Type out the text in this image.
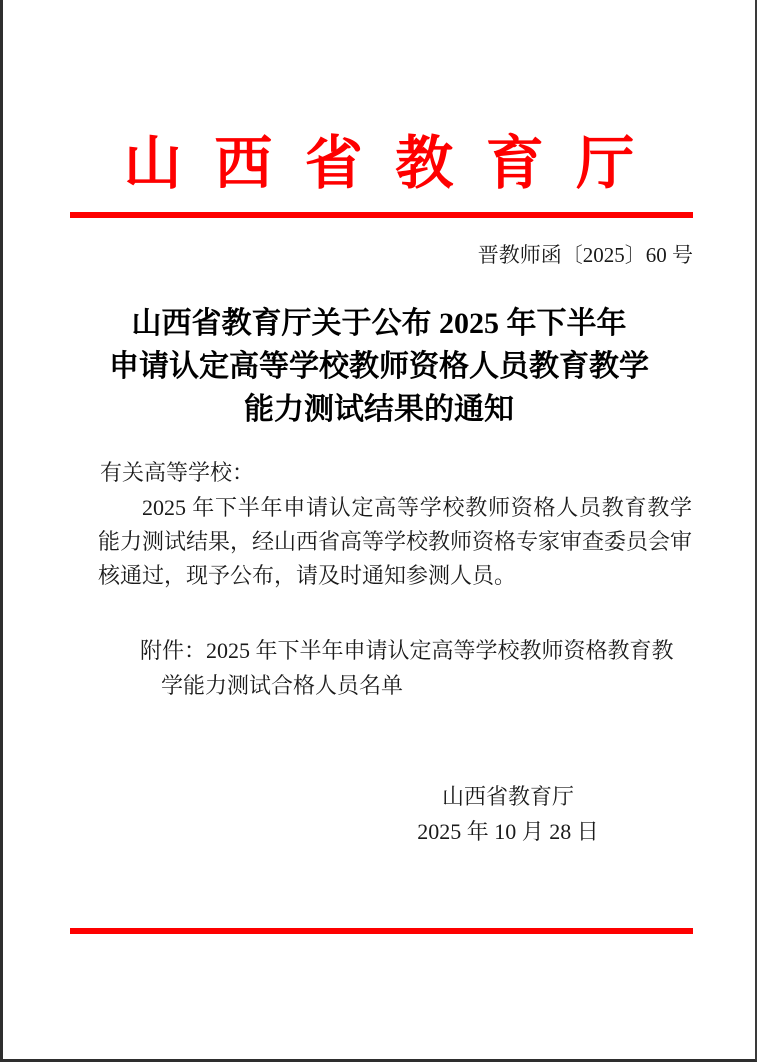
山 西 省 教 育 厅
晋教师函〔2025〕60 号
山西省教育厅关于公布 2025 年下半年
申请认定高等学校教师资格人员教育教学
能力测试结果的通知
有关高等学校：
2025 年下半年申请认定高等学校教师资格人员教育教学能力测试结果，经山西省高等学校教师资格专家审查委员会审核通过，现予公布，请及时通知参测人员。
附件：2025 年下半年申请认定高等学校教师资格教育教
学能力测试合格人员名单
山西省教育厅
2025 年 10 月 28 日
